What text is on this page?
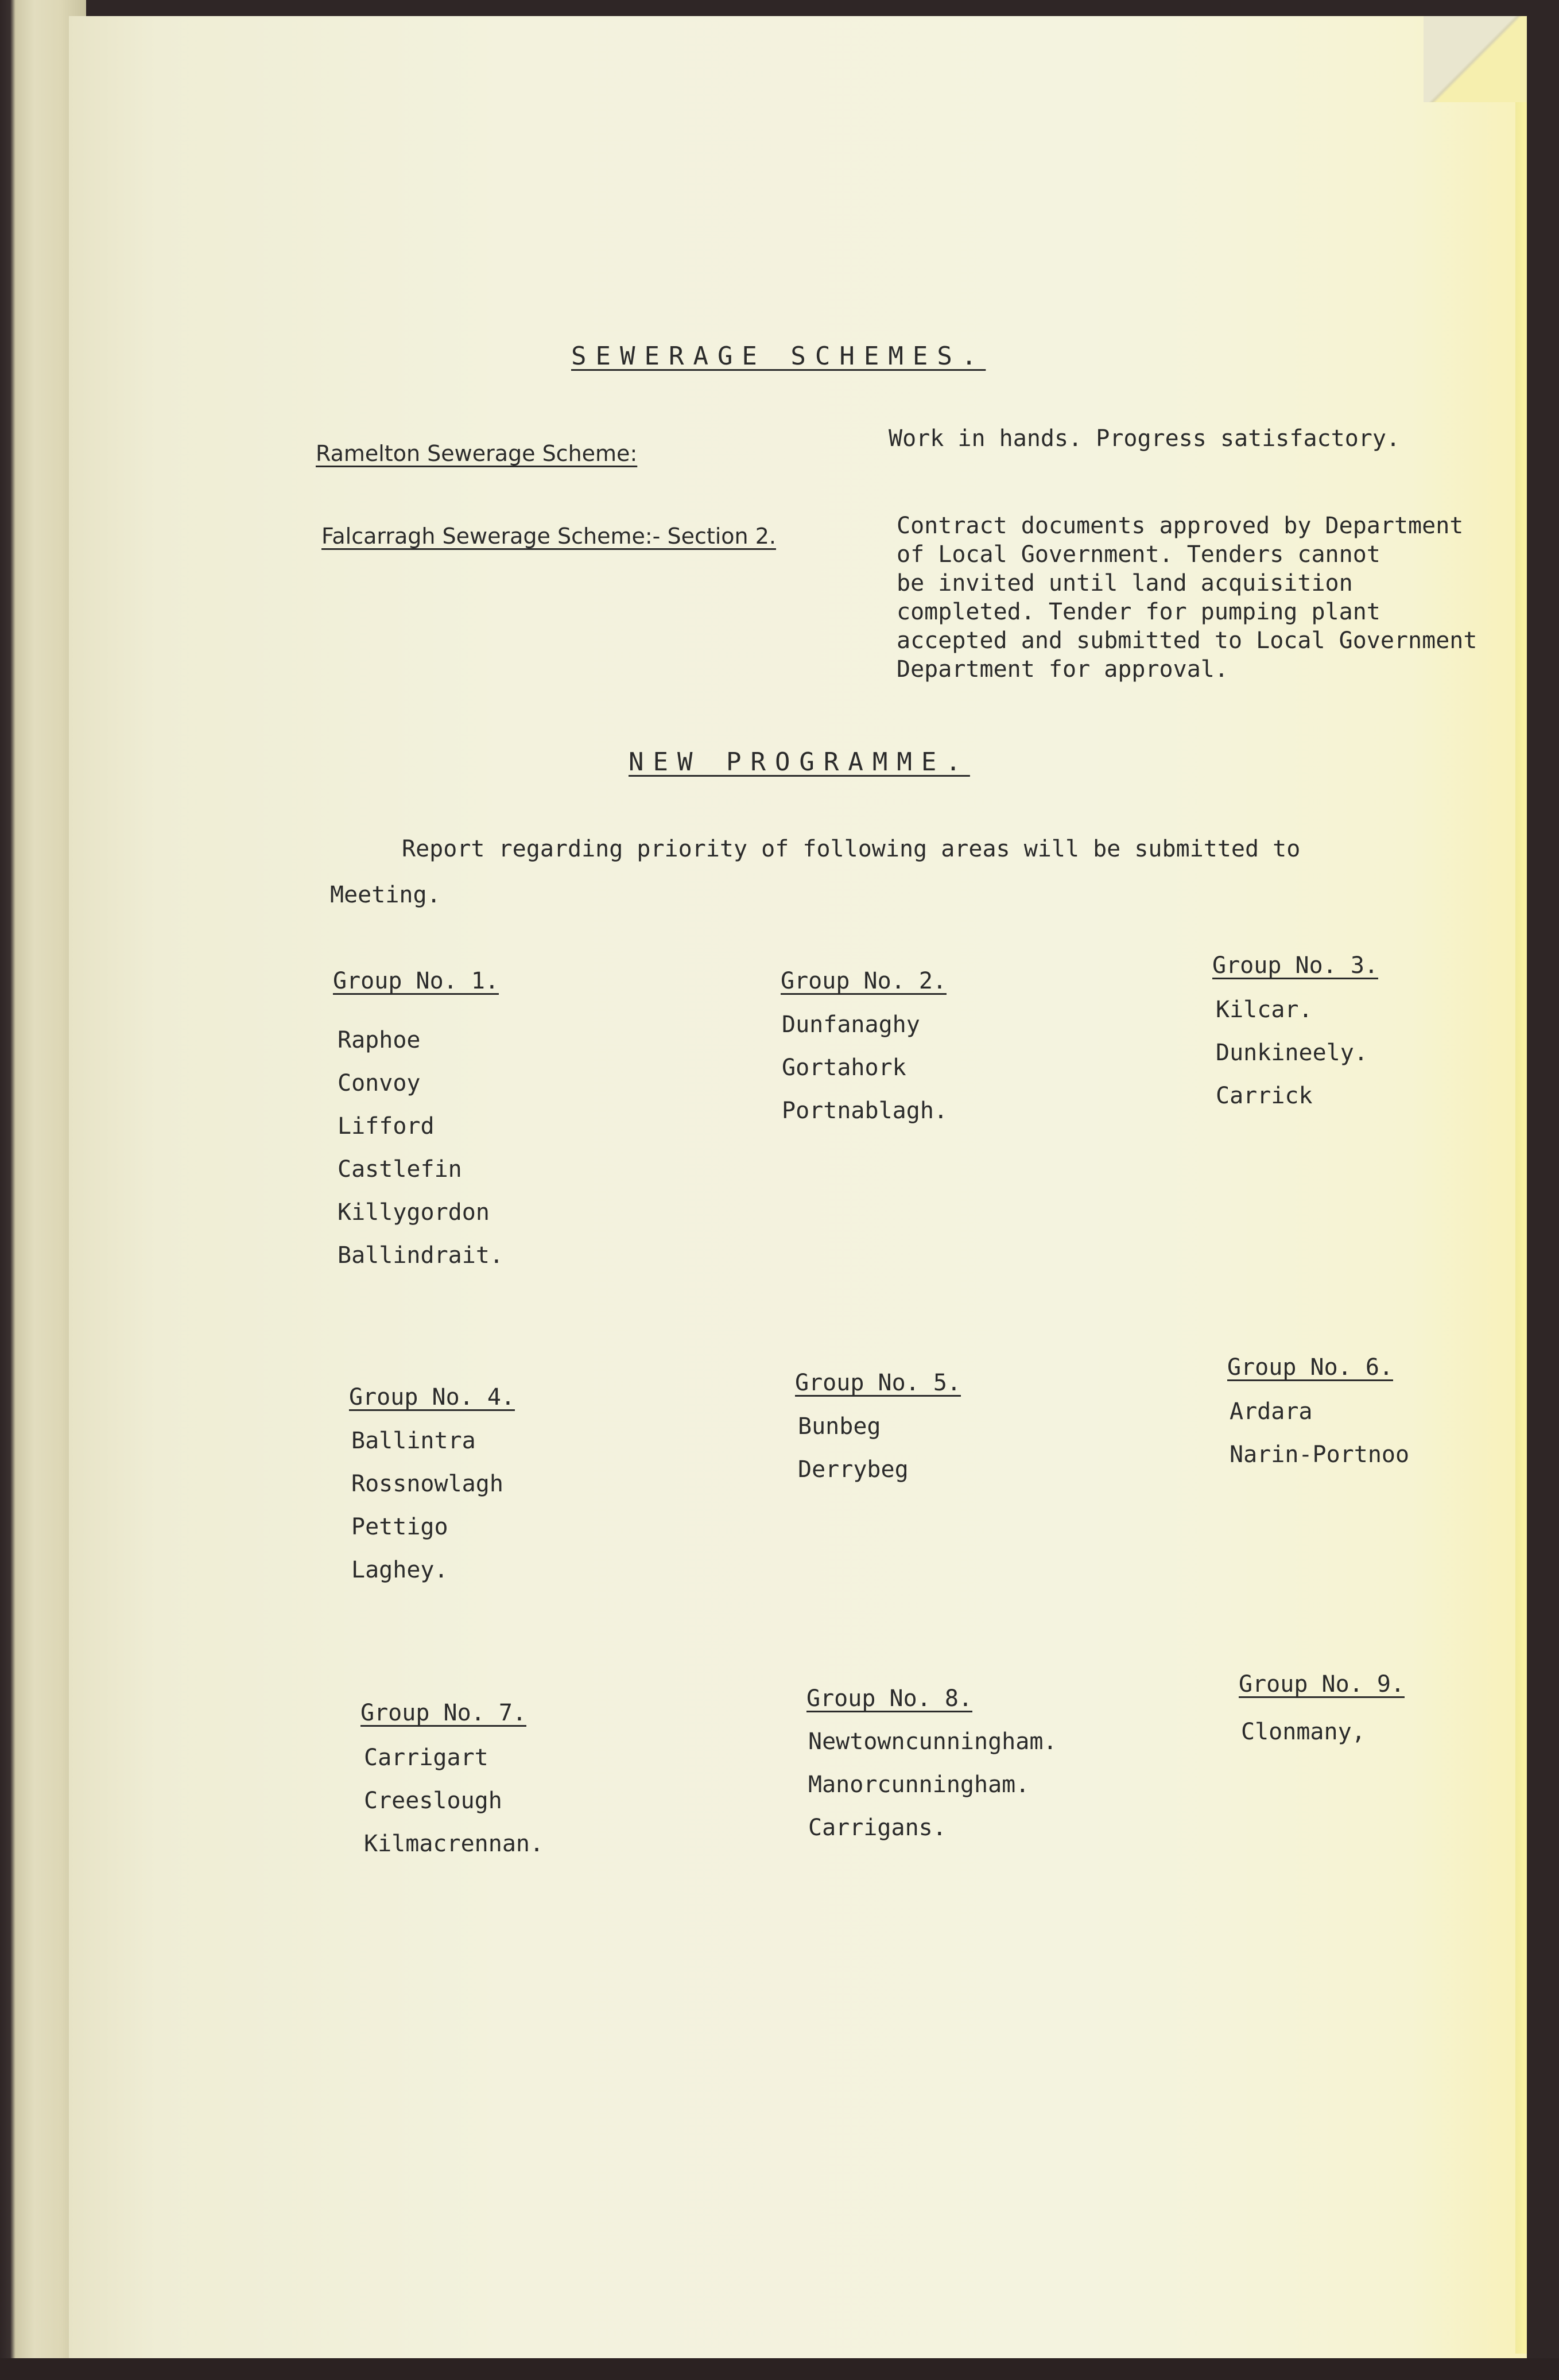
SEWERAGE SCHEMES.
Ramelton Sewerage Scheme:
Work in hands. Progress satisfactory.
Falcarragh Sewerage Scheme:- Section 2.	Contract documents approved by Department
of Local Government. Tenders cannot
be invited until land acquisition
completed. Tender for pumping plant
accepted and submitted to Local Government
Department for approval.
NEW PROGRAMME.
Report regarding priority of following areas will be submitted to
Meeting.
Group No. 1.
Raphoe
Convoy
Lifford
Castlefin
Killygordon
Ballindrait.
Group No. 2.
Dunfanaghy
Gortahork
Portnablagh.
Group No. 3.
Kilcar.
Dunkineely.
Carrick
Group No. 4.
Ballintra
Rossnowlagh
Pettigo
Laghey.
Group No. 5.
Bunbeg
Derrybeg
Group No. 6.
Ardara
Narin-Portnoo
Group No. 7.
Carrigart
Creeslough
Kilmacrennan.
Group No. 8.
Newtowncunningham.
Manorcunningham.
Carrigans.
Group No. 9.
Clonmany,
